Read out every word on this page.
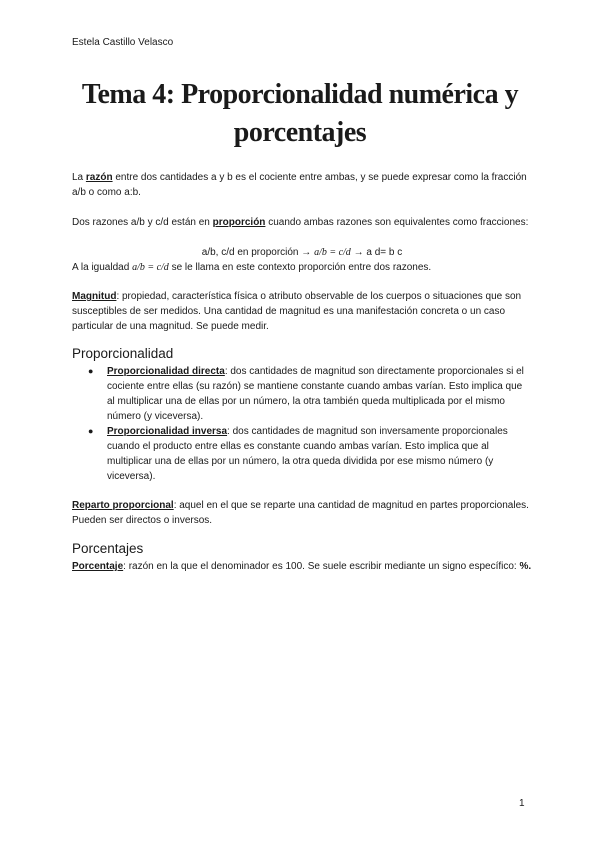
Estela Castillo Velasco
Tema 4: Proporcionalidad numérica y
porcentajes
La razón entre dos cantidades a y b es el cociente entre ambas, y se puede expresar como la fracción a/b o como a:b.
Dos razones a/b y c/d están en proporción cuando ambas razones son equivalentes como fracciones:
a/b, c/d en proporción → a/b = c/d → a d= b c
A la igualdad a/b = c/d se le llama en este contexto proporción entre dos razones.
Magnitud: propiedad, característica física o atributo observable de los cuerpos o situaciones que son susceptibles de ser medidos. Una cantidad de magnitud es una manifestación concreta o un caso particular de una magnitud. Se puede medir.
Proporcionalidad
● Proporcionalidad directa: dos cantidades de magnitud son directamente proporcionales si el cociente entre ellas (su razón) se mantiene constante cuando ambas varían. Esto implica que al multiplicar una de ellas por un número, la otra también queda multiplicada por el mismo número (y viceversa).
● Proporcionalidad inversa: dos cantidades de magnitud son inversamente proporcionales cuando el producto entre ellas es constante cuando ambas varían. Esto implica que al multiplicar una de ellas por un número, la otra queda dividida por ese mismo número (y viceversa).
Reparto proporcional: aquel en el que se reparte una cantidad de magnitud en partes proporcionales. Pueden ser directos o inversos.
Porcentajes
Porcentaje: razón en la que el denominador es 100. Se suele escribir mediante un signo específico: %.
1
